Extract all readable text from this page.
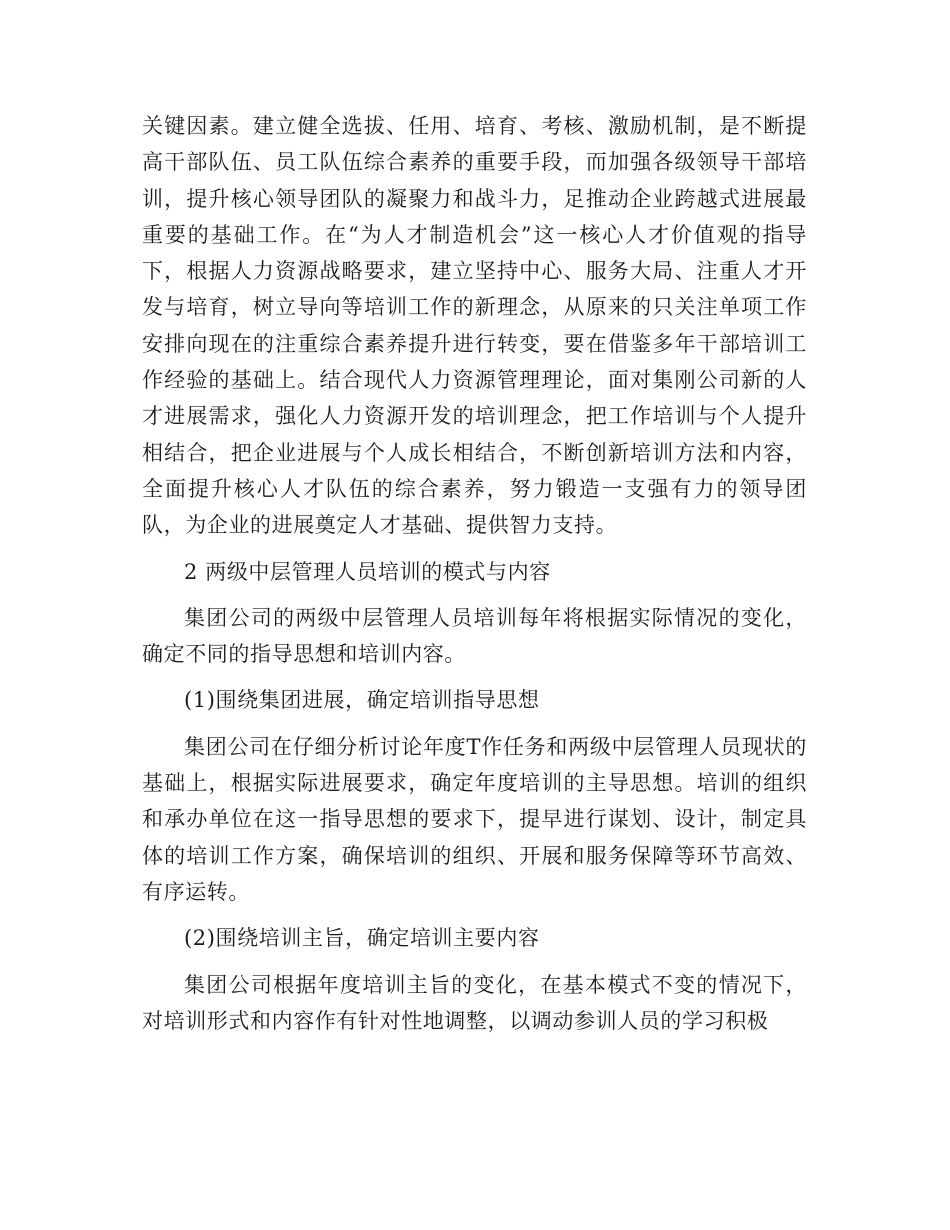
关键因素。建立健全选拔、任用、培育、考核、激励机制，是不断提高干部队伍、员工队伍综合素养的重要手段，而加强各级领导干部培训，提升核心领导团队的凝聚力和战斗力，足推动企业跨越式进展最重要的基础工作。在“为人才制造机会”这一核心人才价值观的指导下，根据人力资源战略要求，建立坚持中心、服务大局、注重人才开发与培育，树立导向等培训工作的新理念，从原来的只关注单项工作安排向现在的注重综合素养提升进行转变，要在借鉴多年干部培训工作经验的基础上。结合现代人力资源管理理论，面对集刚公司新的人才进展需求，强化人力资源开发的培训理念，把工作培训与个人提升相结合，把企业进展与个人成长相结合，不断创新培训方法和内容，全面提升核心人才队伍的综合素养，努力锻造一支强有力的领导团队，为企业的进展奠定人才基础、提供智力支持。

2 两级中层管理人员培训的模式与内容

集团公司的两级中层管理人员培训每年将根据实际情况的变化，确定不同的指导思想和培训内容。

(1)围绕集团进展，确定培训指导思想

集团公司在仔细分析讨论年度T作任务和两级中层管理人员现状的基础上，根据实际进展要求，确定年度培训的主导思想。培训的组织和承办单位在这一指导思想的要求下，提早进行谋划、设计，制定具体的培训工作方案，确保培训的组织、开展和服务保障等环节高效、有序运转。

(2)围绕培训主旨，确定培训主要内容

集团公司根据年度培训主旨的变化，在基本模式不变的情况下，对培训形式和内容作有针对性地调整，以调动参训人员的学习积极
